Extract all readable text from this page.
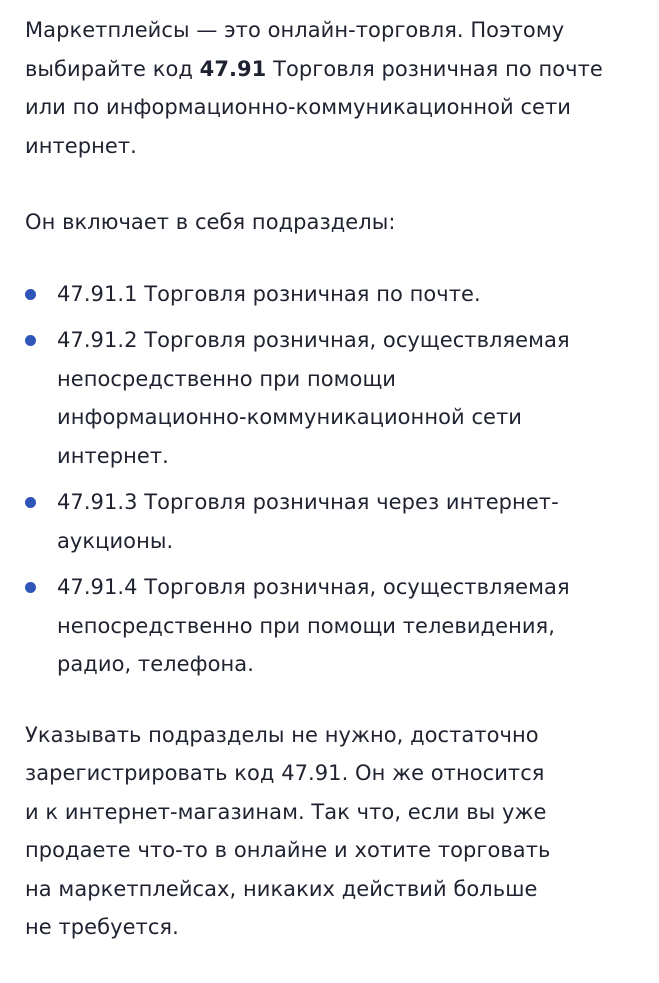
Маркетплейсы — это онлайн-торговля. Поэтому
выбирайте код 47.91 Торговля розничная по почте
или по информационно-коммуникационной сети
интернет.

Он включает в себя подразделы:

47.91.1 Торговля розничная по почте.
47.91.2 Торговля розничная, осуществляемая
непосредственно при помощи
информационно-коммуникационной сети
интернет.
47.91.3 Торговля розничная через интернет-
аукционы.
47.91.4 Торговля розничная, осуществляемая
непосредственно при помощи телевидения,
радио, телефона.

Указывать подразделы не нужно, достаточно
зарегистрировать код 47.91. Он же относится
и к интернет-магазинам. Так что, если вы уже
продаете что-то в онлайне и хотите торговать
на маркетплейсах, никаких действий больше
не требуется.
